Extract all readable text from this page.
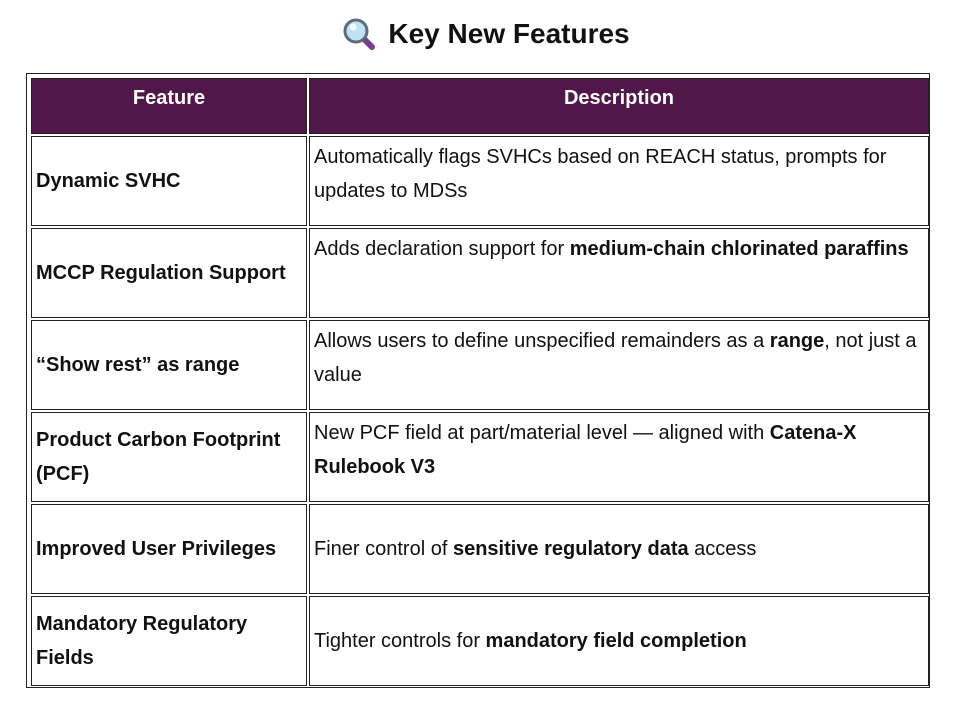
Key New Features
Feature	Description
Dynamic SVHC	Automatically flags SVHCs based on REACH status, prompts for updates to MDSs
MCCP Regulation Support	Adds declaration support for medium-chain chlorinated paraffins
“Show rest” as range	Allows users to define unspecified remainders as a range, not just a value
Product Carbon Footprint (PCF)	New PCF field at part/material level — aligned with Catena-X Rulebook V3
Improved User Privileges	Finer control of sensitive regulatory data access
Mandatory Regulatory Fields	Tighter controls for mandatory field completion
